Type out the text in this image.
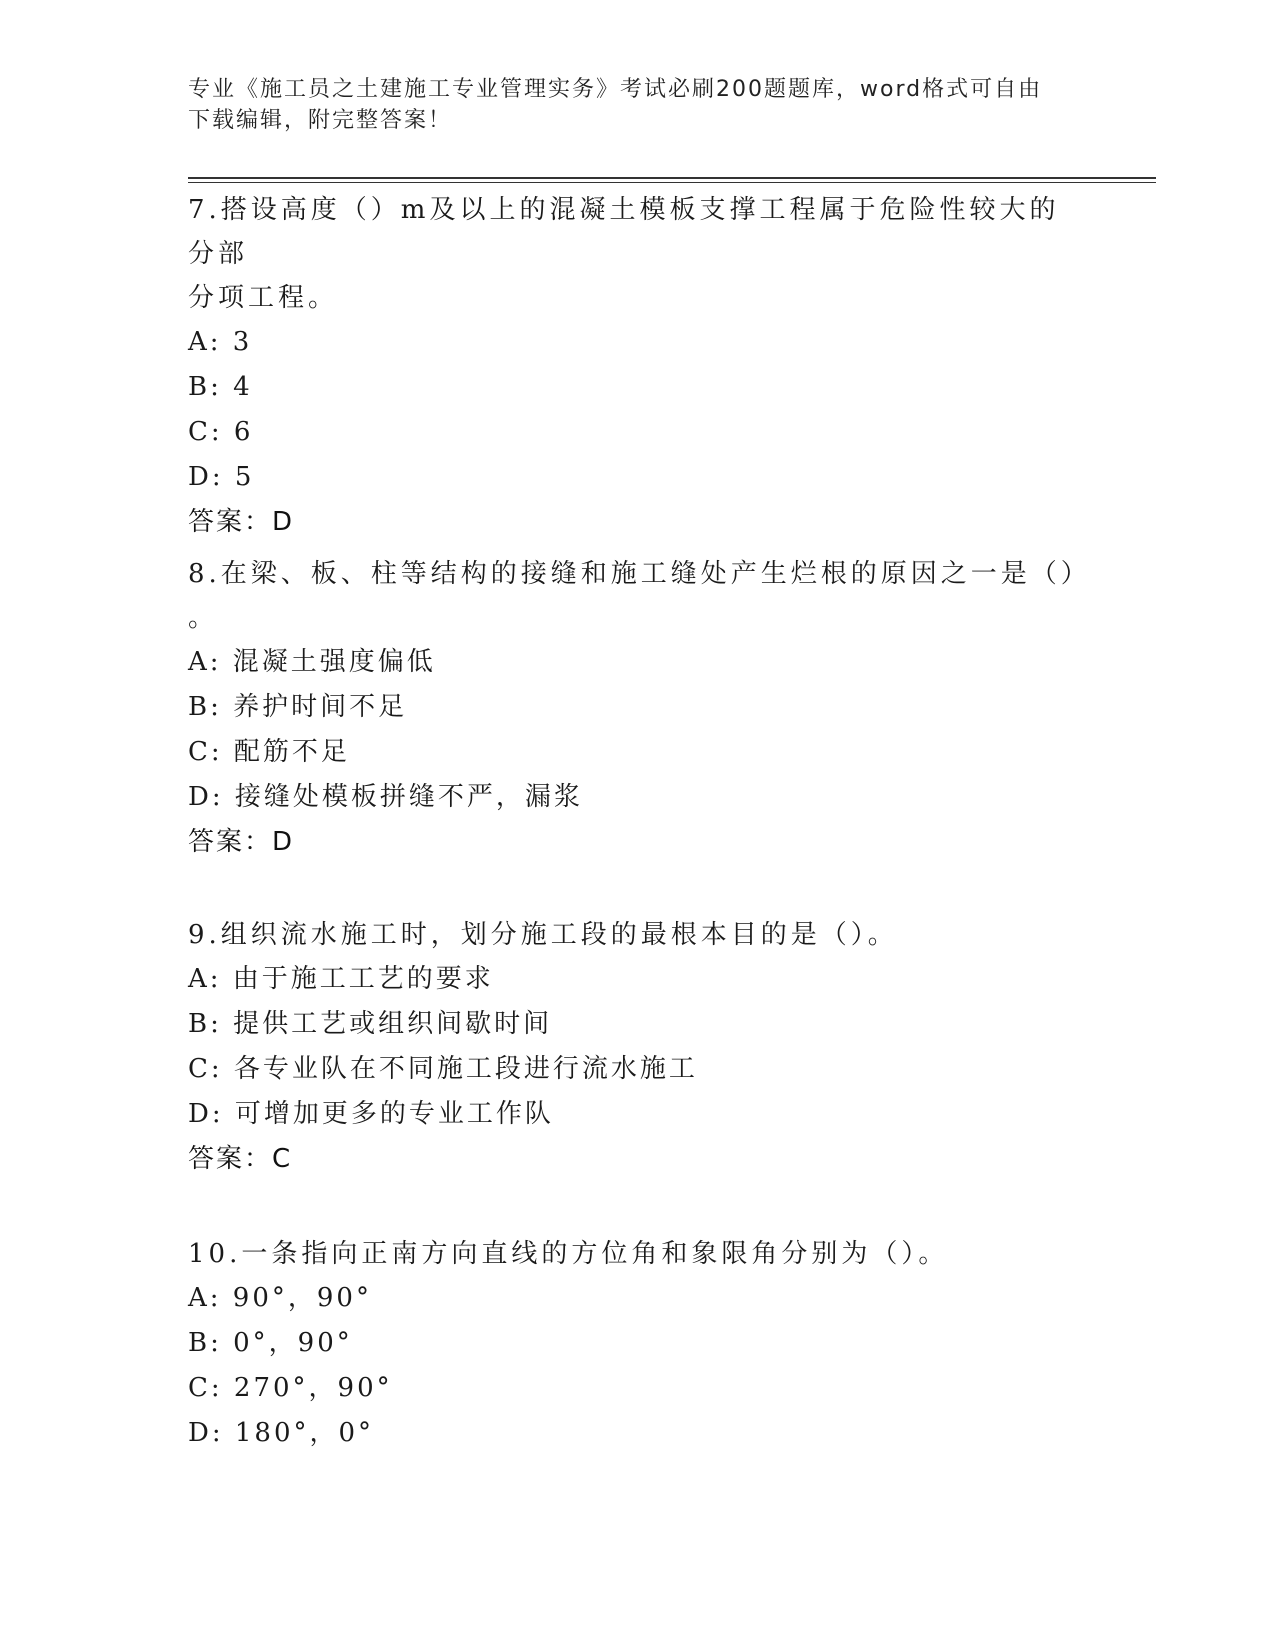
专业《施工员之土建施工专业管理实务》考试必刷200题题库，word格式可自由
下载编辑，附完整答案！
7.搭设高度（）m及以上的混凝土模板支撑工程属于危险性较大的分部
分项工程。
A: 3
B: 4
C: 6
D: 5
答案：D
8.在梁、板、柱等结构的接缝和施工缝处产生烂根的原因之一是（）
。
A: 混凝土强度偏低
B: 养护时间不足
C: 配筋不足
D: 接缝处模板拼缝不严，漏浆
答案：D
9.组织流水施工时，划分施工段的最根本目的是（）。
A: 由于施工工艺的要求
B: 提供工艺或组织间歇时间
C: 各专业队在不同施工段进行流水施工
D: 可增加更多的专业工作队
答案：C
10.一条指向正南方向直线的方位角和象限角分别为（）。
A: 90°，90°
B: 0°，90°
C: 270°，90°
D: 180°，0°
